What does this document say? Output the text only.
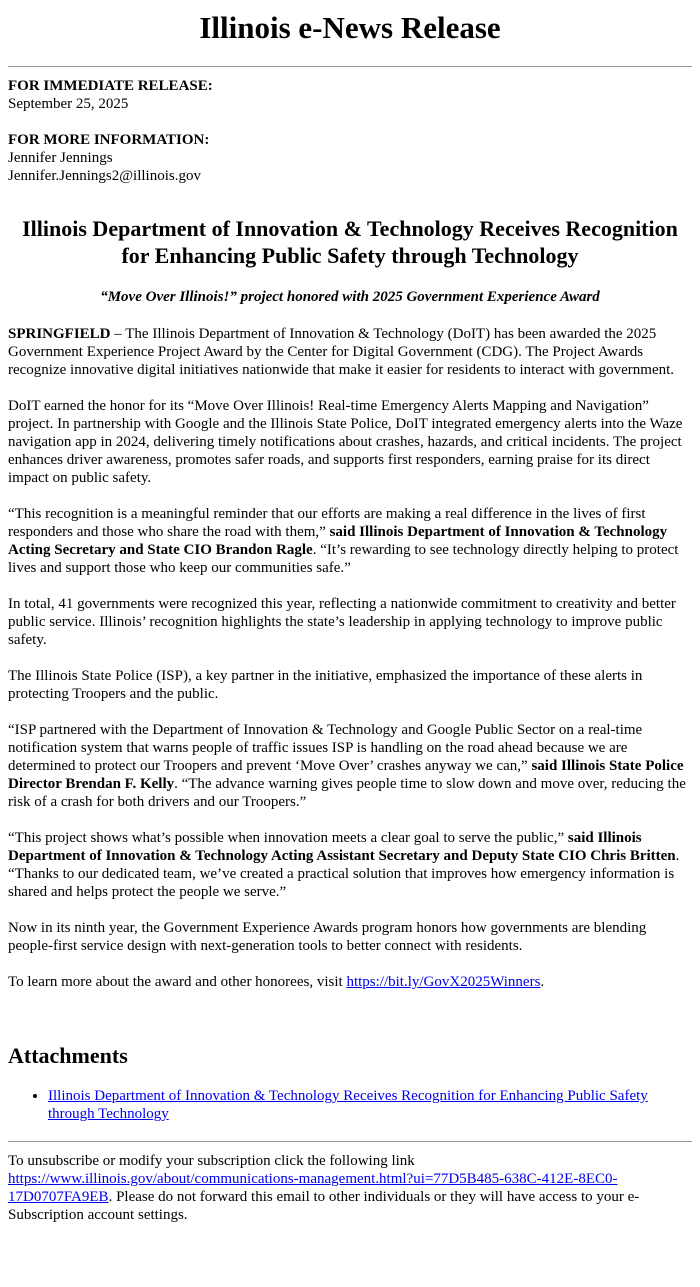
Illinois e-News Release
FOR IMMEDIATE RELEASE:
September 25, 2025
FOR MORE INFORMATION:
Jennifer Jennings
Jennifer.Jennings2@illinois.gov
Illinois Department of Innovation & Technology Receives Recognition for Enhancing Public Safety through Technology
“Move Over Illinois!” project honored with 2025 Government Experience Award

SPRINGFIELD – The Illinois Department of Innovation & Technology (DoIT) has been awarded the 2025 Government Experience Project Award by the Center for Digital Government (CDG). The Project Awards recognize innovative digital initiatives nationwide that make it easier for residents to interact with government.

DoIT earned the honor for its “Move Over Illinois! Real-time Emergency Alerts Mapping and Navigation” project. In partnership with Google and the Illinois State Police, DoIT integrated emergency alerts into the Waze navigation app in 2024, delivering timely notifications about crashes, hazards, and critical incidents. The project enhances driver awareness, promotes safer roads, and supports first responders, earning praise for its direct impact on public safety.

“This recognition is a meaningful reminder that our efforts are making a real difference in the lives of first responders and those who share the road with them,” said Illinois Department of Innovation & Technology Acting Secretary and State CIO Brandon Ragle. “It’s rewarding to see technology directly helping to protect lives and support those who keep our communities safe.”

In total, 41 governments were recognized this year, reflecting a nationwide commitment to creativity and better public service. Illinois’ recognition highlights the state’s leadership in applying technology to improve public safety.

The Illinois State Police (ISP), a key partner in the initiative, emphasized the importance of these alerts in protecting Troopers and the public.

“ISP partnered with the Department of Innovation & Technology and Google Public Sector on a real-time notification system that warns people of traffic issues ISP is handling on the road ahead because we are determined to protect our Troopers and prevent ‘Move Over’ crashes anyway we can,” said Illinois State Police Director Brendan F. Kelly. “The advance warning gives people time to slow down and move over, reducing the risk of a crash for both drivers and our Troopers.”

“This project shows what’s possible when innovation meets a clear goal to serve the public,” said Illinois Department of Innovation & Technology Acting Assistant Secretary and Deputy State CIO Chris Britten. “Thanks to our dedicated team, we’ve created a practical solution that improves how emergency information is shared and helps protect the people we serve.”

Now in its ninth year, the Government Experience Awards program honors how governments are blending people-first service design with next-generation tools to better connect with residents.

To learn more about the award and other honorees, visit https://bit.ly/GovX2025Winners.

Attachments
• Illinois Department of Innovation & Technology Receives Recognition for Enhancing Public Safety through Technology

To unsubscribe or modify your subscription click the following link
https://www.illinois.gov/about/communications-management.html?ui=77D5B485-638C-412E-8EC0-17D0707FA9EB. Please do not forward this email to other individuals or they will have access to your e-Subscription account settings.
